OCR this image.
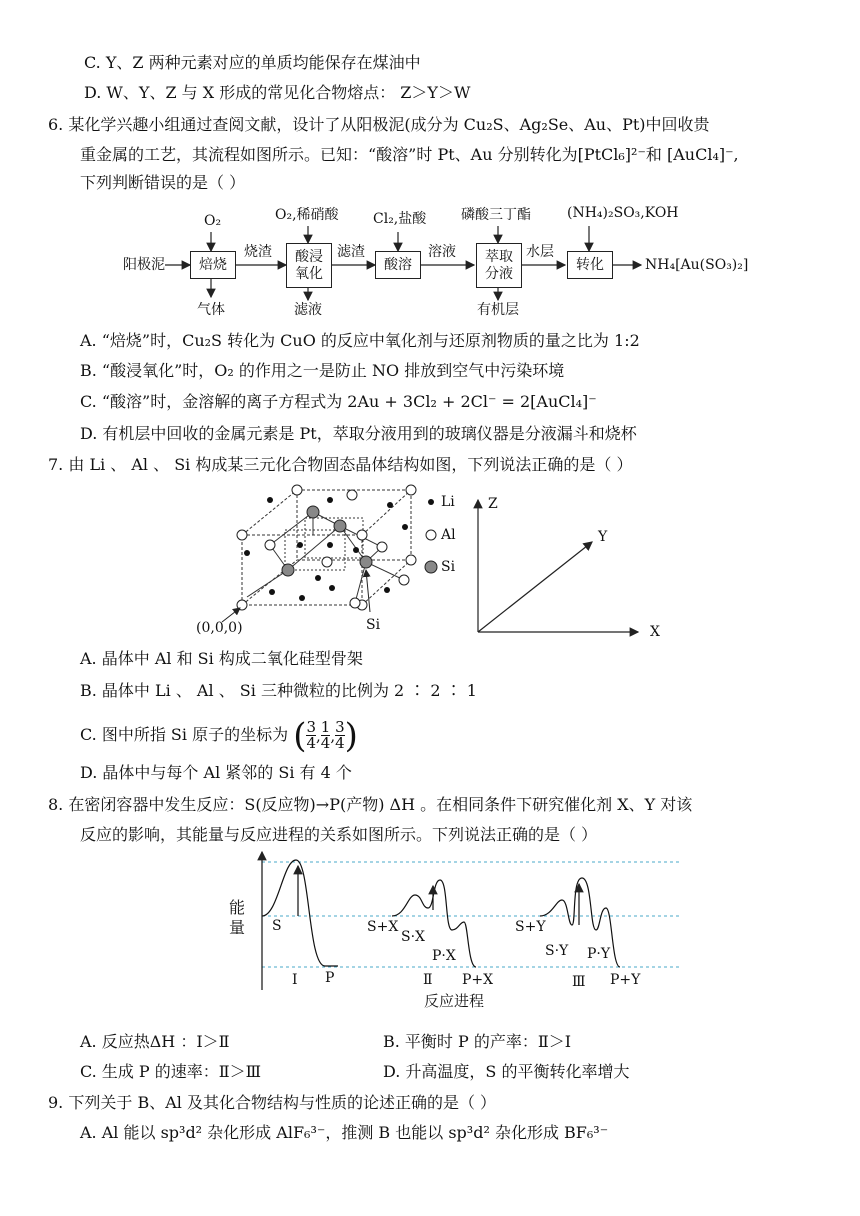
C. Y、Z 两种元素对应的单质均能保存在煤油中
D. W、Y、Z 与 X 形成的常见化合物熔点： Z＞Y＞W
6. 某化学兴趣小组通过查阅文献，设计了从阳极泥(成分为 Cu₂S、Ag₂Se、Au、Pt)中回收贵
重金属的工艺，其流程如图所示。已知：“酸溶”时 Pt、Au 分别转化为[PtCl₆]²⁻和 [AuCl₄]⁻,
下列判断错误的是（ ）
阳极泥 焙烧
O₂
气体
烧渣 酸浸
氧化
O₂,稀硝酸
滤液
滤渣
酸溶
Cl₂,盐酸
溶液 萃取
分液
磷酸三丁酯
有机层
水层
转化
(NH₄)₂SO₃,KOH
NH₄[Au(SO₃)₂]
A. “焙烧”时，Cu₂S 转化为 CuO 的反应中氧化剂与还原剂物质的量之比为 1:2
B. “酸浸氧化”时，O₂ 的作用之一是防止 NO 排放到空气中污染环境
C. “酸溶”时，金溶解的离子方程式为 2Au + 3Cl₂ + 2Cl⁻ = 2[AuCl₄]⁻
D. 有机层中回收的金属元素是 Pt，萃取分液用到的玻璃仪器是分液漏斗和烧杯
7. 由 Li 、 Al 、 Si 构成某三元化合物固态晶体结构如图，下列说法正确的是（ ）
Li
Al
Si
(0,0,0)	Si
Z
Y
X
A. 晶体中 Al 和 Si 构成二氧化硅型骨架
B. 晶体中 Li 、 Al 、 Si 三种微粒的比例为 2 ∶ 2 ∶ 1
C. 图中所指 Si 原子的坐标为 ( $\frac{3}{4}$ , $\frac{1}{4}$ , $\frac{3}{4}$ )
D. 晶体中与每个 Al 紧邻的 Si 有 4 个
8. 在密闭容器中发生反应：S(反应物)→P(产物) ΔH 。在相同条件下研究催化剂 X、Y 对该
反应的影响，其能量与反应进程的关系如图所示。下列说法正确的是（ ）
能
量 S
P
Ⅰ
S+X
S·X
P·X
P+X
Ⅱ
S+Y
S·Y P·Y
P+Y
Ⅲ
反应进程
A. 反应热ΔH ：Ⅰ＞Ⅱ	B. 平衡时 P 的产率：Ⅱ＞Ⅰ
C. 生成 P 的速率：Ⅱ＞Ⅲ	D. 升高温度，S 的平衡转化率增大
9. 下列关于 B、Al 及其化合物结构与性质的论述正确的是（ ）
A. Al 能以 sp³d² 杂化形成 AlF₆³⁻，推测 B 也能以 sp³d² 杂化形成 BF₆³⁻
